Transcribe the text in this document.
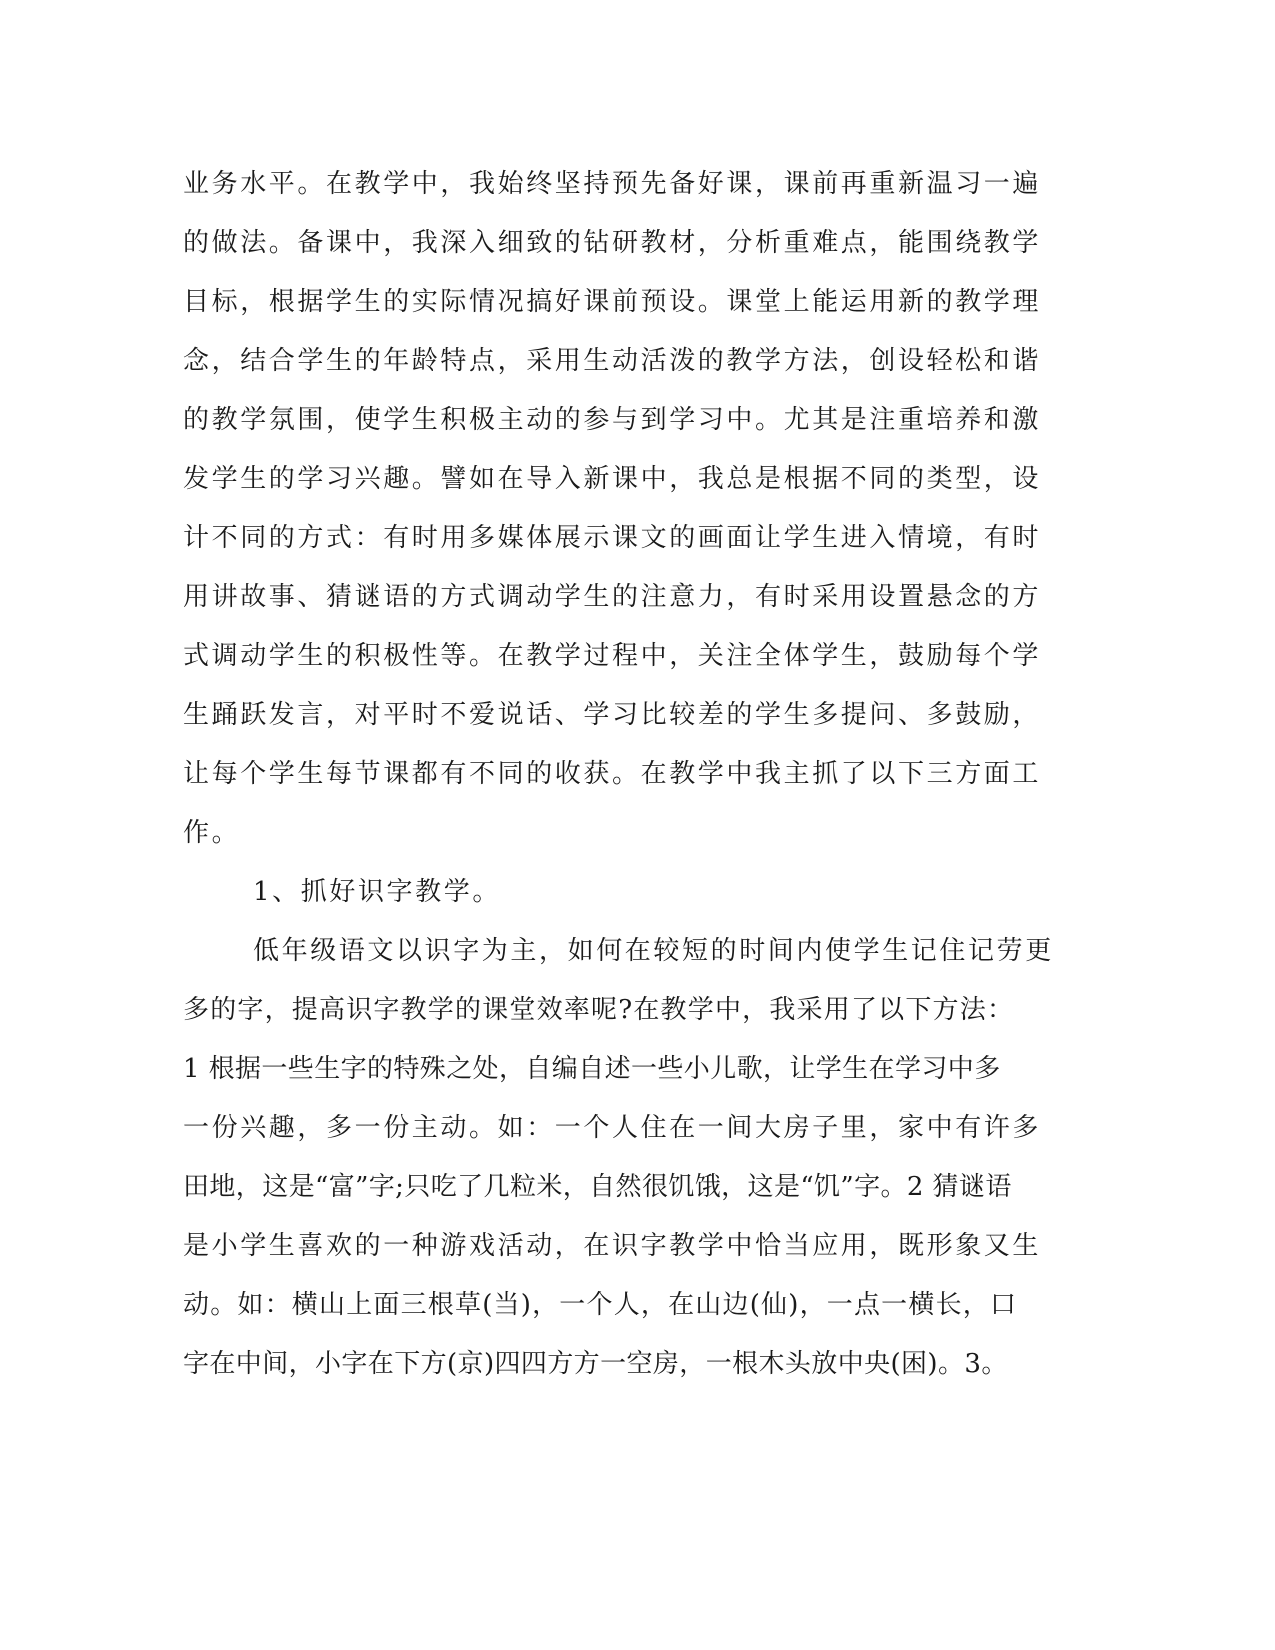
业务水平。在教学中，我始终坚持预先备好课，课前再重新温习一遍
的做法。备课中，我深入细致的钻研教材，分析重难点，能围绕教学
目标，根据学生的实际情况搞好课前预设。课堂上能运用新的教学理
念，结合学生的年龄特点，采用生动活泼的教学方法，创设轻松和谐
的教学氛围，使学生积极主动的参与到学习中。尤其是注重培养和激
发学生的学习兴趣。譬如在导入新课中，我总是根据不同的类型，设
计不同的方式：有时用多媒体展示课文的画面让学生进入情境，有时
用讲故事、猜谜语的方式调动学生的注意力，有时采用设置悬念的方
式调动学生的积极性等。在教学过程中，关注全体学生，鼓励每个学
生踊跃发言，对平时不爱说话、学习比较差的学生多提问、多鼓励，
让每个学生每节课都有不同的收获。在教学中我主抓了以下三方面工
作。
1、抓好识字教学。
低年级语文以识字为主，如何在较短的时间内使学生记住记劳更
多的字，提高识字教学的课堂效率呢?在教学中，我采用了以下方法：
1 根据一些生字的特殊之处，自编自述一些小儿歌，让学生在学习中多
一份兴趣，多一份主动。如：一个人住在一间大房子里，家中有许多
田地，这是“富”字;只吃了几粒米，自然很饥饿，这是“饥”字。2 猜谜语
是小学生喜欢的一种游戏活动，在识字教学中恰当应用，既形象又生
动。如：横山上面三根草(当)，一个人，在山边(仙)，一点一横长，口
字在中间，小字在下方(京)四四方方一空房，一根木头放中央(困)。3。
